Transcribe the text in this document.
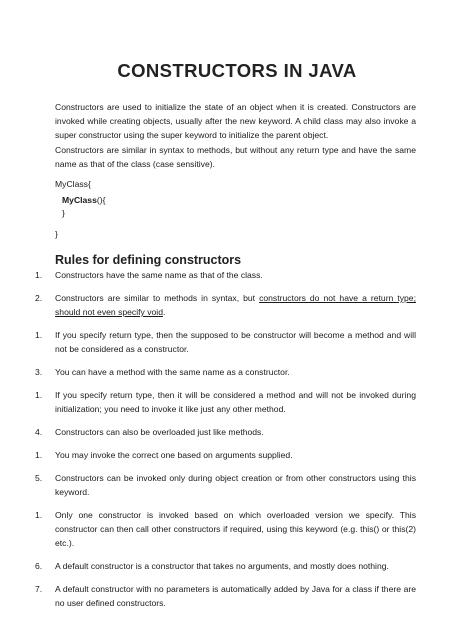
CONSTRUCTORS IN JAVA
Constructors are used to initialize the state of an object when it is created. Constructors are invoked while creating objects, usually after the new keyword. A child class may also invoke a super constructor using the super keyword to initialize the parent object.
Constructors are similar in syntax to methods, but without any return type and have the same name as that of the class (case sensitive).
MyClass{
MyClass(){
}
}
Rules for defining constructors
1.	Constructors have the same name as that of the class.
2.	Constructors are similar to methods in syntax, but constructors do not have a return type; should not even specify void.
1.	If you specify return type, then the supposed to be constructor will become a method and will not be considered as a constructor.
3.	You can have a method with the same name as a constructor.
1.	If you specify return type, then it will be considered a method and will not be invoked during initialization; you need to invoke it like just any other method.
4.	Constructors can also be overloaded just like methods.
1.	You may invoke the correct one based on arguments supplied.
5.	Constructors can be invoked only during object creation or from other constructors using this keyword.
1.	Only one constructor is invoked based on which overloaded version we specify. This constructor can then call other constructors if required, using this keyword (e.g. this() or this(2) etc.).
6.	A default constructor is a constructor that takes no arguments, and mostly does nothing.
7.	A default constructor with no parameters is automatically added by Java for a class if there are no user defined constructors.
